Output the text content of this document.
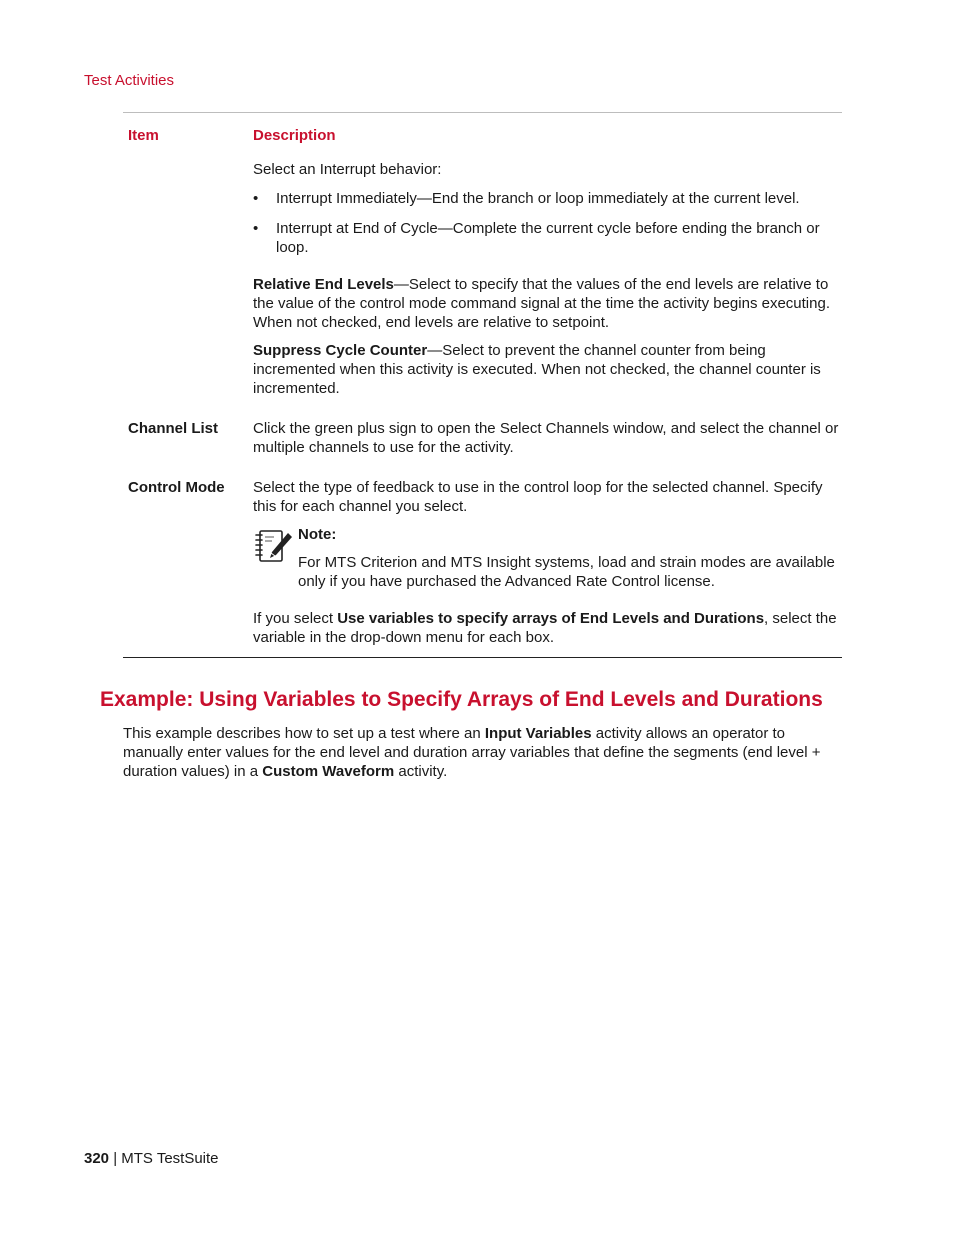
Test Activities
Item	Description
Select an Interrupt behavior:
• Interrupt Immediately—End the branch or loop immediately at the current level.
• Interrupt at End of Cycle—Complete the current cycle before ending the branch or loop.
Relative End Levels—Select to specify that the values of the end levels are relative to the value of the control mode command signal at the time the activity begins executing. When not checked, end levels are relative to setpoint.
Suppress Cycle Counter—Select to prevent the channel counter from being incremented when this activity is executed. When not checked, the channel counter is incremented.
Channel List Click the green plus sign to open the Select Channels window, and select the channel or multiple channels to use for the activity.
Control Mode Select the type of feedback to use in the control loop for the selected channel. Specify this for each channel you select.
Note:
For MTS Criterion and MTS Insight systems, load and strain modes are available only if you have purchased the Advanced Rate Control license.
If you select Use variables to specify arrays of End Levels and Durations, select the variable in the drop-down menu for each box.
Example: Using Variables to Specify Arrays of End Levels and Durations
This example describes how to set up a test where an Input Variables activity allows an operator to manually enter values for the end level and duration array variables that define the segments (end level + duration values) in a Custom Waveform activity.
320 | MTS TestSuite
